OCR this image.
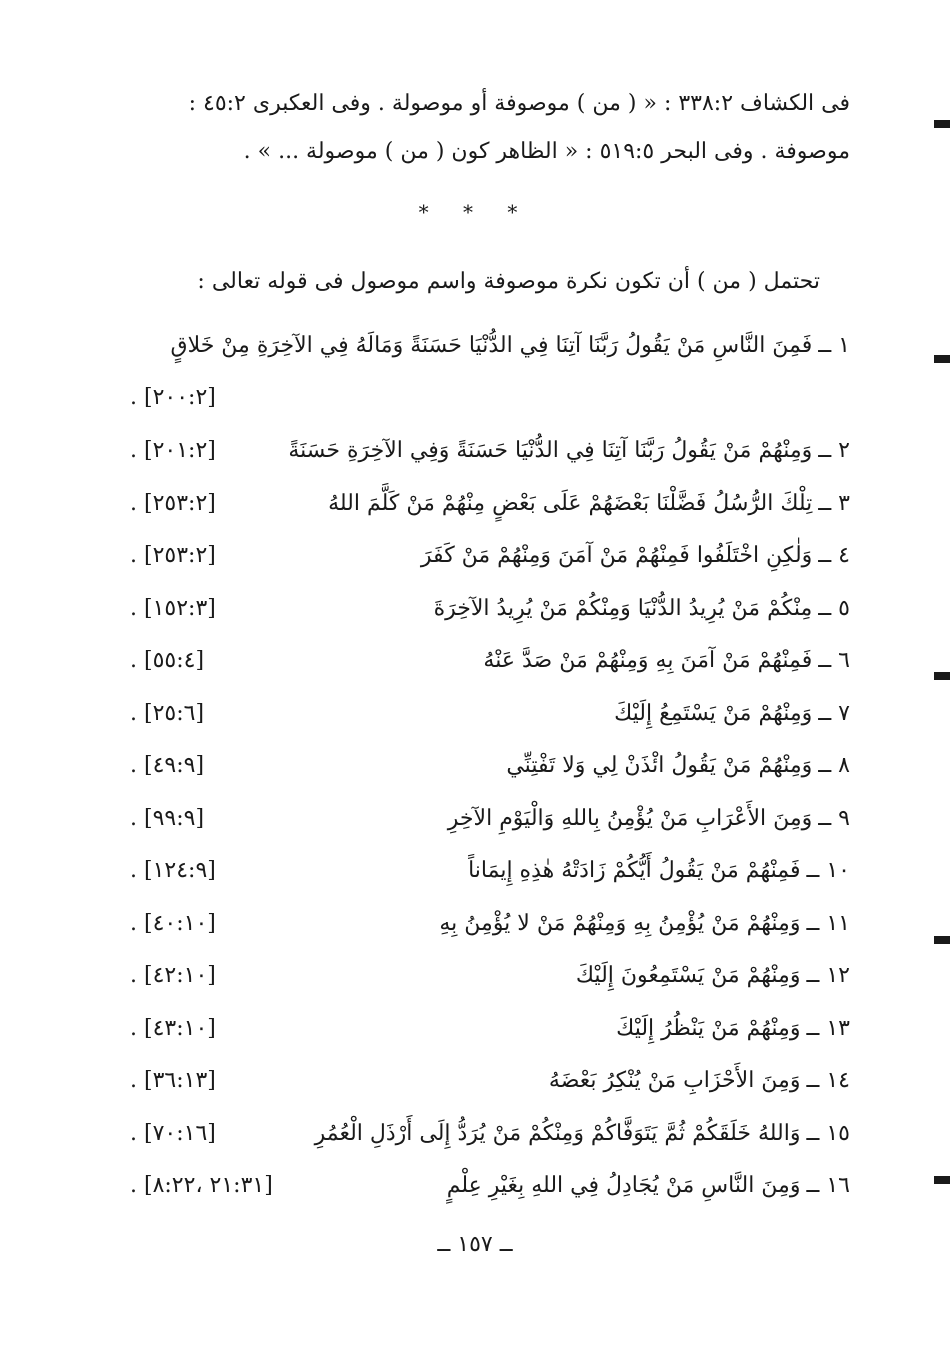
فى الكشاف ٣٣٨:٢ : « ( من ) موصوفة أو موصولة . وفى العكبرى ٤٥:٢ :

موصوفة . وفى البحر ٥١٩:٥ : « الظاهر كون ( من ) موصولة ... » .

* * *
تحتمل ( من ) أن تكون نكرة موصوفة واسم موصول فى قوله تعالى :
١ ــفَمِنَ النَّاسِ مَنْ يَقُولُ رَبَّنَا آتِنَا فِي الدُّنْيَا حَسَنَةً وَمَالَهُ فِي الآخِرَةِ مِنْ خَلاقٍ
. [٢٠٠:٢]
٢ ــوَمِنْهُمْ مَنْ يَقُولُ رَبَّنَا آتِنَا فِي الدُّنْيَا حَسَنَةً وَفِي الآخِرَةِ حَسَنَةً
. [٢٠١:٢]
٣ ــتِلْكَ الرُّسُلُ فَضَّلْنَا بَعْضَهُمْ عَلَى بَعْضٍ مِنْهُمْ مَنْ كَلَّمَ اللهُ
. [٢٥٣:٢]
٤ ــوَلٰكِنِ اخْتَلَفُوا فَمِنْهُمْ مَنْ آمَنَ وَمِنْهُمْ مَنْ كَفَرَ
. [٢٥٣:٢]
٥ ــمِنْكُمْ مَنْ يُرِيدُ الدُّنْيَا وَمِنْكُمْ مَنْ يُرِيدُ الآخِرَةَ
. [١٥٢:٣]
٦ ــفَمِنْهُمْ مَنْ آمَنَ بِهِ وَمِنْهُمْ مَنْ صَدَّ عَنْهُ
. [٥٥:٤]
٧ ــوَمِنْهُمْ مَنْ يَسْتَمِعُ إِلَيْكَ
. [٢٥:٦]
٨ ــوَمِنْهُمْ مَنْ يَقُولُ ائْذَنْ لِي وَلا تَفْتِنِّي
. [٤٩:٩]
٩ ــوَمِنَ الأَعْرَابِ مَنْ يُؤْمِنُ بِاللهِ وَالْيَوْمِ الآخِرِ
. [٩٩:٩]
١٠ ــفَمِنْهُمْ مَنْ يَقُولُ أَيُّكُمْ زَادَتْهُ هٰذِهِ إِيمَاناً
. [١٢٤:٩]
١١ ــوَمِنْهُمْ مَنْ يُؤْمِنُ بِهِ وَمِنْهُمْ مَنْ لا يُؤْمِنُ بِهِ
. [٤٠:١٠]
١٢ ــوَمِنْهُمْ مَنْ يَسْتَمِعُونَ إِلَيْكَ
. [٤٢:١٠]
١٣ ــوَمِنْهُمْ مَنْ يَنْظُرُ إِلَيْكَ
. [٤٣:١٠]
١٤ ــوَمِنَ الأَحْزَابِ مَنْ يُنْكِرُ بَعْضَهُ
. [٣٦:١٣]
١٥ ــوَاللهُ خَلَقَكُمْ ثُمَّ يَتَوَفَّاكُمْ وَمِنْكُمْ مَنْ يُرَدُّ إِلَى أَرْذَلِ الْعُمُرِ
. [٧٠:١٦]
١٦ ــوَمِنَ النَّاسِ مَنْ يُجَادِلُ فِي اللهِ بِغَيْرِ عِلْمٍ
. [٢١:٣١ ،٨:٢٢]
ــ ١٥٧ ــ
